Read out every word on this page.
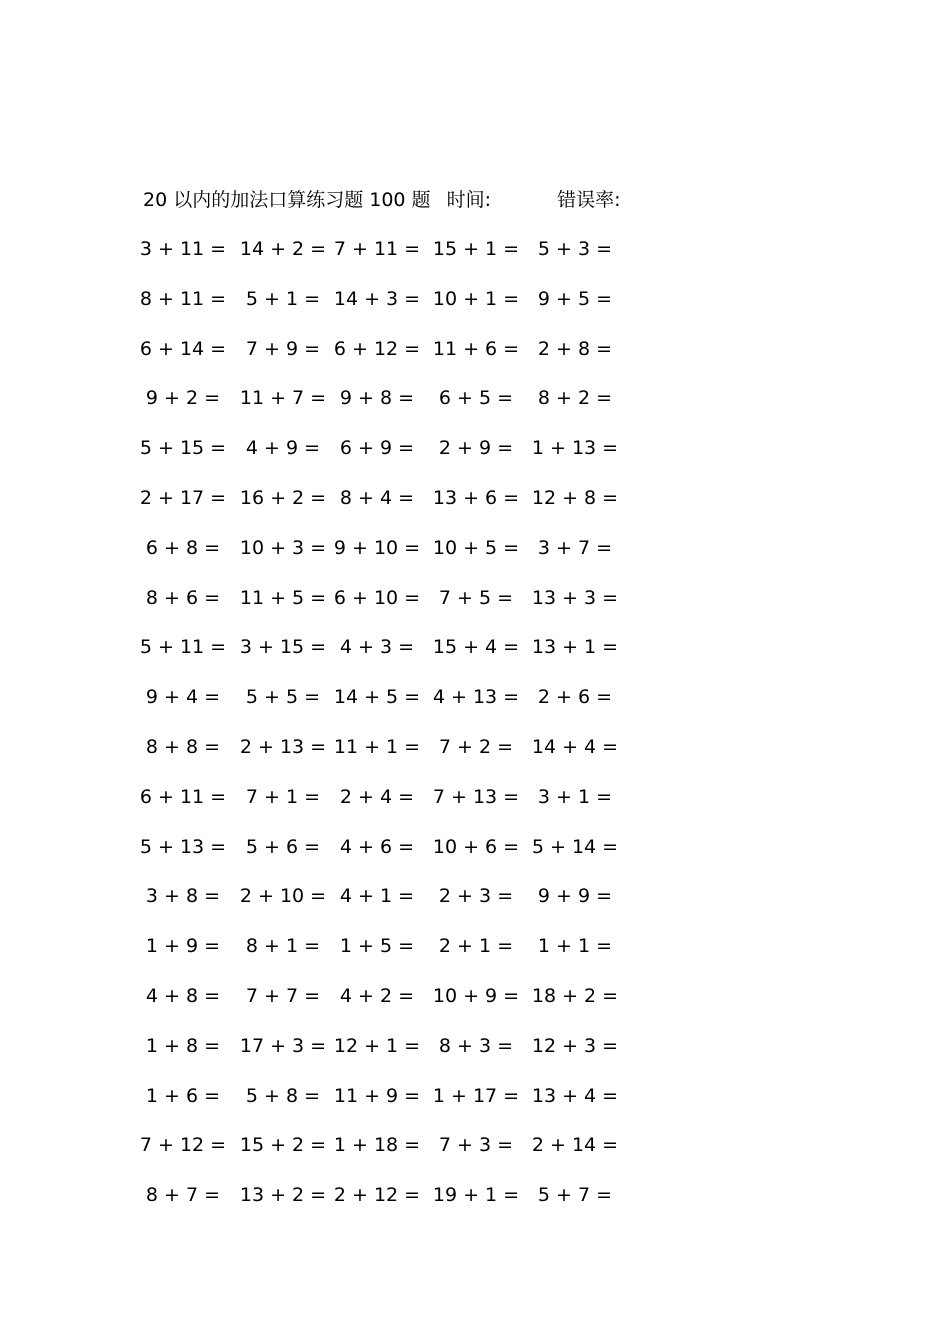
20 以内的加法口算练习题 100 题 时间:	错误率:
3 + 11 = 14 + 2 = 7 + 11 = 15 + 1 = 5 + 3 =
8 + 11 = 5 + 1 = 14 + 3 = 10 + 1 = 9 + 5 =
6 + 14 = 7 + 9 = 6 + 12 = 11 + 6 = 2 + 8 =
9 + 2 = 11 + 7 = 9 + 8 = 6 + 5 = 8 + 2 =
5 + 15 = 4 + 9 = 6 + 9 = 2 + 9 = 1 + 13 =
2 + 17 = 16 + 2 = 8 + 4 = 13 + 6 = 12 + 8 =
6 + 8 = 10 + 3 = 9 + 10 = 10 + 5 = 3 + 7 =
8 + 6 = 11 + 5 = 6 + 10 = 7 + 5 = 13 + 3 =
5 + 11 = 3 + 15 = 4 + 3 = 15 + 4 = 13 + 1 =
9 + 4 = 5 + 5 = 14 + 5 = 4 + 13 = 2 + 6 =
8 + 8 = 2 + 13 = 11 + 1 = 7 + 2 = 14 + 4 =
6 + 11 = 7 + 1 = 2 + 4 = 7 + 13 = 3 + 1 =
5 + 13 = 5 + 6 = 4 + 6 = 10 + 6 = 5 + 14 =
3 + 8 = 2 + 10 = 4 + 1 = 2 + 3 = 9 + 9 =
1 + 9 = 8 + 1 = 1 + 5 = 2 + 1 = 1 + 1 =
4 + 8 = 7 + 7 = 4 + 2 = 10 + 9 = 18 + 2 =
1 + 8 = 17 + 3 = 12 + 1 = 8 + 3 = 12 + 3 =
1 + 6 = 5 + 8 = 11 + 9 = 1 + 17 = 13 + 4 =
7 + 12 = 15 + 2 = 1 + 18 = 7 + 3 = 2 + 14 =
8 + 7 = 13 + 2 = 2 + 12 = 19 + 1 = 5 + 7 =
